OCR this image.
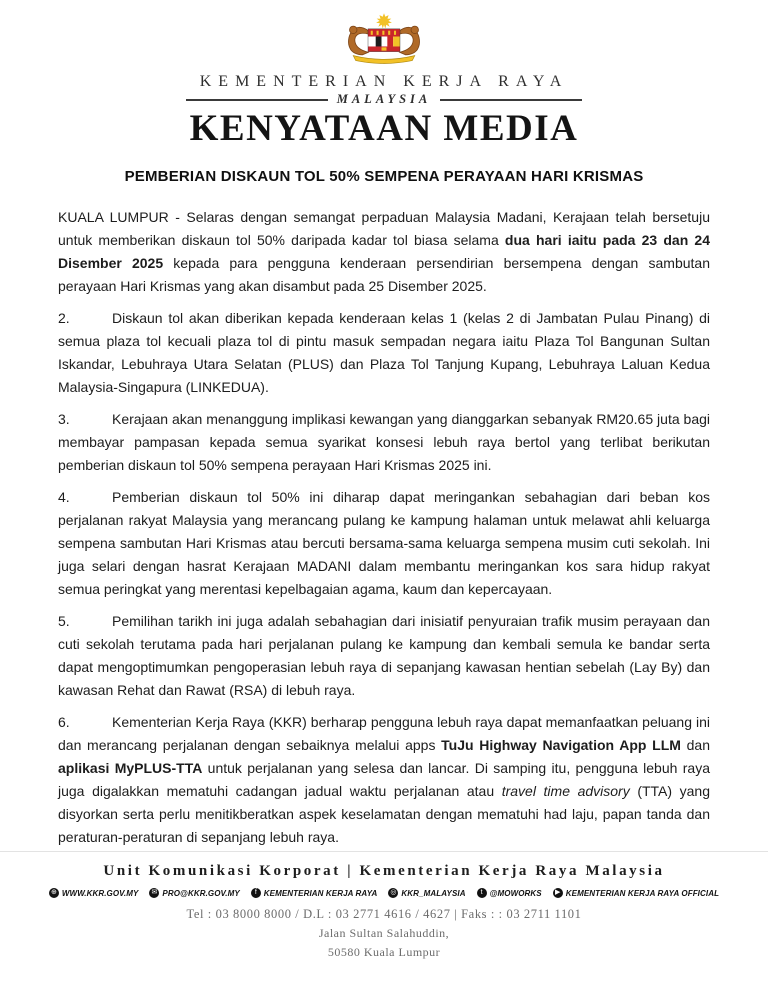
KEMENTERIAN KERJA RAYA
MALAYSIA
KENYATAAN MEDIA
PEMBERIAN DISKAUN TOL 50% SEMPENA PERAYAAN HARI KRISMAS

KUALA LUMPUR - Selaras dengan semangat perpaduan Malaysia Madani, Kerajaan telah bersetuju untuk memberikan diskaun tol 50% daripada kadar tol biasa selama dua hari iaitu pada 23 dan 24 Disember 2025 kepada para pengguna kenderaan persendirian bersempena dengan sambutan perayaan Hari Krismas yang akan disambut pada 25 Disember 2025.

2.	Diskaun tol akan diberikan kepada kenderaan kelas 1 (kelas 2 di Jambatan Pulau Pinang) di semua plaza tol kecuali plaza tol di pintu masuk sempadan negara iaitu Plaza Tol Bangunan Sultan Iskandar, Lebuhraya Utara Selatan (PLUS) dan Plaza Tol Tanjung Kupang, Lebuhraya Laluan Kedua Malaysia-Singapura (LINKEDUA).

3.	Kerajaan akan menanggung implikasi kewangan yang dianggarkan sebanyak RM20.65 juta bagi membayar pampasan kepada semua syarikat konsesi lebuh raya bertol yang terlibat berikutan pemberian diskaun tol 50% sempena perayaan Hari Krismas 2025 ini.

4.	Pemberian diskaun tol 50% ini diharap dapat meringankan sebahagian dari beban kos perjalanan rakyat Malaysia yang merancang pulang ke kampung halaman untuk melawat ahli keluarga sempena sambutan Hari Krismas atau bercuti bersama-sama keluarga sempena musim cuti sekolah. Ini juga selari dengan hasrat Kerajaan MADANI dalam membantu meringankan kos sara hidup rakyat semua peringkat yang merentasi kepelbagaian agama, kaum dan kepercayaan.

5.	Pemilihan tarikh ini juga adalah sebahagian dari inisiatif penyuraian trafik musim perayaan dan cuti sekolah terutama pada hari perjalanan pulang ke kampung dan kembali semula ke bandar serta dapat mengoptimumkan pengoperasian lebuh raya di sepanjang kawasan hentian sebelah (Lay By) dan kawasan Rehat dan Rawat (RSA) di lebuh raya.

6.	Kementerian Kerja Raya (KKR) berharap pengguna lebuh raya dapat memanfaatkan peluang ini dan merancang perjalanan dengan sebaiknya melalui apps TuJu Highway Navigation App LLM dan aplikasi MyPLUS-TTA untuk perjalanan yang selesa dan lancar. Di samping itu, pengguna lebuh raya juga digalakkan mematuhi cadangan jadual waktu perjalanan atau travel time advisory (TTA) yang disyorkan serta perlu menitikberatkan aspek keselamatan dengan mematuhi had laju, papan tanda dan peraturan-peraturan di sepanjang lebuh raya.

Unit Komunikasi Korporat | Kementerian Kerja Raya Malaysia
⊕ WWW.KKR.GOV.MY ✉ PRO@KKR.GOV.MY	f KEMENTERIAN KERJA RAYA ◎ KKR_MALAYSIA	t @MOWORKS	▶ KEMENTERIAN KERJA RAYA OFFICIAL
Tel : 03 8000 8000 / D.L : 03 2771 4616 / 4627 | Faks : : 03 2711 1101
Jalan Sultan Salahuddin,
50580 Kuala Lumpur
